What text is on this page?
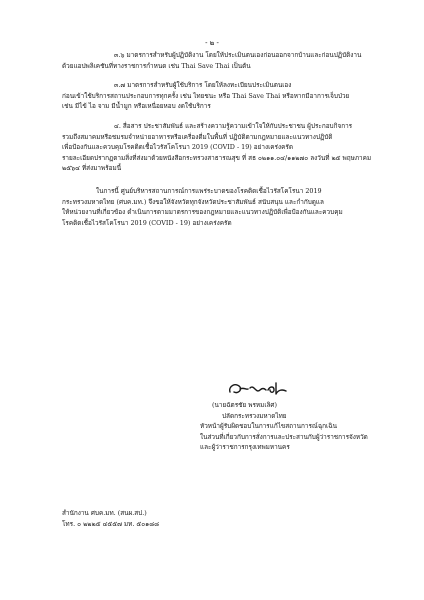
- ๒ -

๓.๖ มาตรการสำหรับผู้ปฏิบัติงาน โดยให้ประเมินตนเองก่อนออกจากบ้านและก่อนปฏิบัติงาน

ด้วยแอปพลิเคชันที่ทางราชการกำหนด เช่น Thai Save Thai เป็นต้น

๓.๗ มาตรการสำหรับผู้ใช้บริการ โดยให้ลงทะเบียนประเมินตนเอง

ก่อนเข้าใช้บริการสถานประกอบการทุกครั้ง เช่น ไทยชนะ หรือ Thai Save Thai หรือหากมีอาการเจ็บป่วย

เช่น มีไข้ ไอ จาม มีน้ำมูก หรือเหนื่อยหอบ งดใช้บริการ

๔. สื่อสาร ประชาสัมพันธ์ และสร้างความรู้ความเข้าใจให้กับประชาชน ผู้ประกอบกิจการ

รวมถึงสมาคมหรือชมรมจำหน่ายอาหารหรือเครื่องดื่มในพื้นที่ ปฏิบัติตามกฎหมายและแนวทางปฏิบัติ

เพื่อป้องกันและควบคุมโรคติดเชื้อไวรัสโคโรนา 2019 (COVID - 19) อย่างเคร่งครัด

รายละเอียดปรากฏตามสิ่งที่ส่งมาด้วยหนังสือกระทรวงสาธารณสุข ที่ สธ ๐๒๑๑.๐๔/๑๑๒๗๐ ลงวันที่ ๒๕ พฤษภาคม

๒๕๖๔ ที่ส่งมาพร้อมนี้

ในการนี้ ศูนย์บริหารสถานการณ์การแพร่ระบาดของโรคติดเชื้อไวรัสโคโรนา 2019

กระทรวงมหาดไทย (ศบค.มท.) จึงขอให้จังหวัดทุกจังหวัดประชาสัมพันธ์ สนับสนุน และกำกับดูแล

ให้หน่วยงานที่เกี่ยวข้อง ดำเนินการตามมาตรการของกฎหมายและแนวทางปฏิบัติเพื่อป้องกันและควบคุม

โรคติดเชื้อไวรัสโคโรนา 2019 (COVID - 19) อย่างเคร่งครัด

(นายฉัตรชัย พรหมเลิศ)

ปลัดกระทรวงมหาดไทย

หัวหน้าผู้รับผิดชอบในการแก้ไขสถานการณ์ฉุกเฉิน

ในส่วนที่เกี่ยวกับการสั่งการและประสานกับผู้ว่าราชการจังหวัด

และผู้ว่าราชการกรุงเทพมหานคร

สำนักงาน ศบค.มท. (สนผ.สป.)

โทร. ๐ ๒๒๒๕ ๔๕๕๗ มท. ๕๐๑๘๘
